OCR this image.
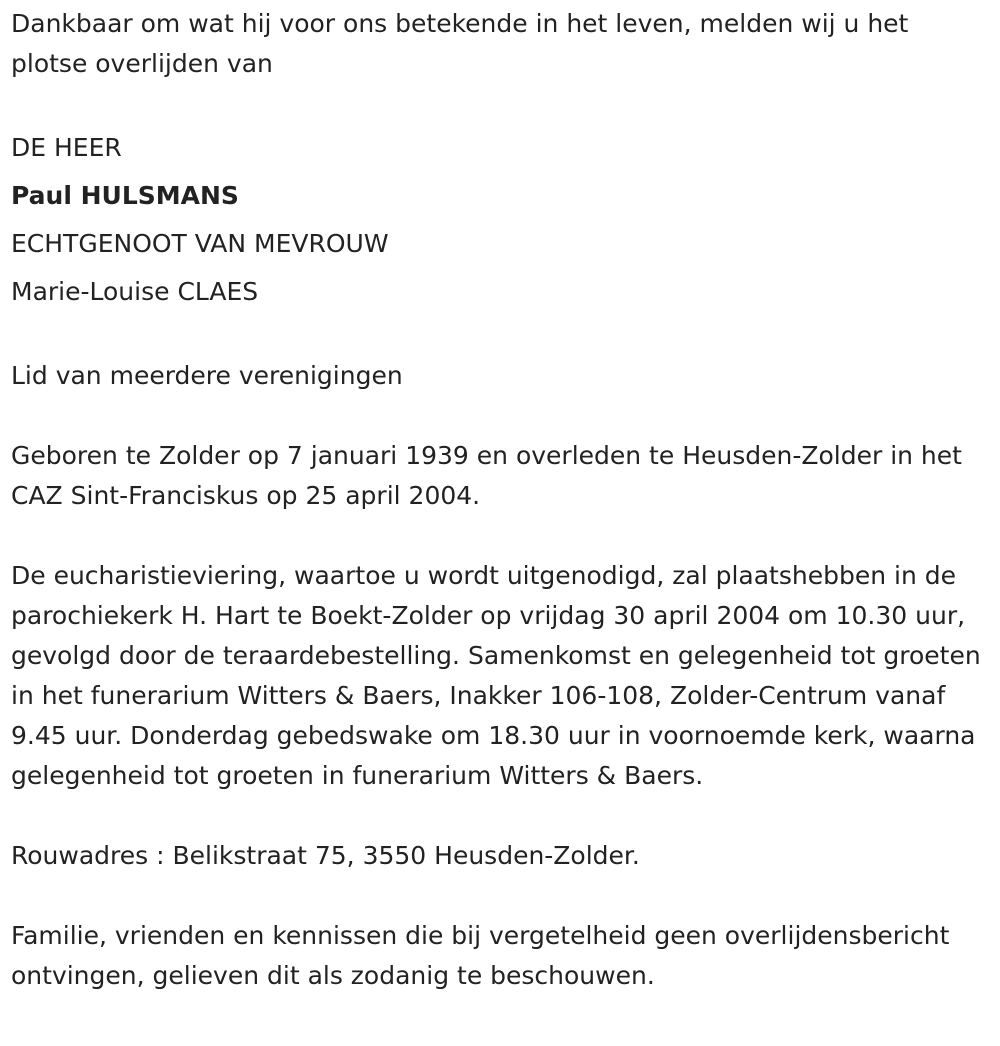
Dankbaar om wat hij voor ons betekende in het leven, melden wij u het plotse overlijden van

DE HEER
Paul HULSMANS
ECHTGENOOT VAN MEVROUW
Marie-Louise CLAES

Lid van meerdere verenigingen

Geboren te Zolder op 7 januari 1939 en overleden te Heusden-Zolder in het CAZ Sint-Franciskus op 25 april 2004.

De eucharistieviering, waartoe u wordt uitgenodigd, zal plaatshebben in de parochiekerk H. Hart te Boekt-Zolder op vrijdag 30 april 2004 om 10.30 uur, gevolgd door de teraardebestelling. Samenkomst en gelegenheid tot groeten in het funerarium Witters & Baers, Inakker 106-108, Zolder-Centrum vanaf 9.45 uur. Donderdag gebedswake om 18.30 uur in voornoemde kerk, waarna gelegenheid tot groeten in funerarium Witters & Baers.

Rouwadres : Belikstraat 75, 3550 Heusden-Zolder.

Familie, vrienden en kennissen die bij vergetelheid geen overlijdensbericht ontvingen, gelieven dit als zodanig te beschouwen.
